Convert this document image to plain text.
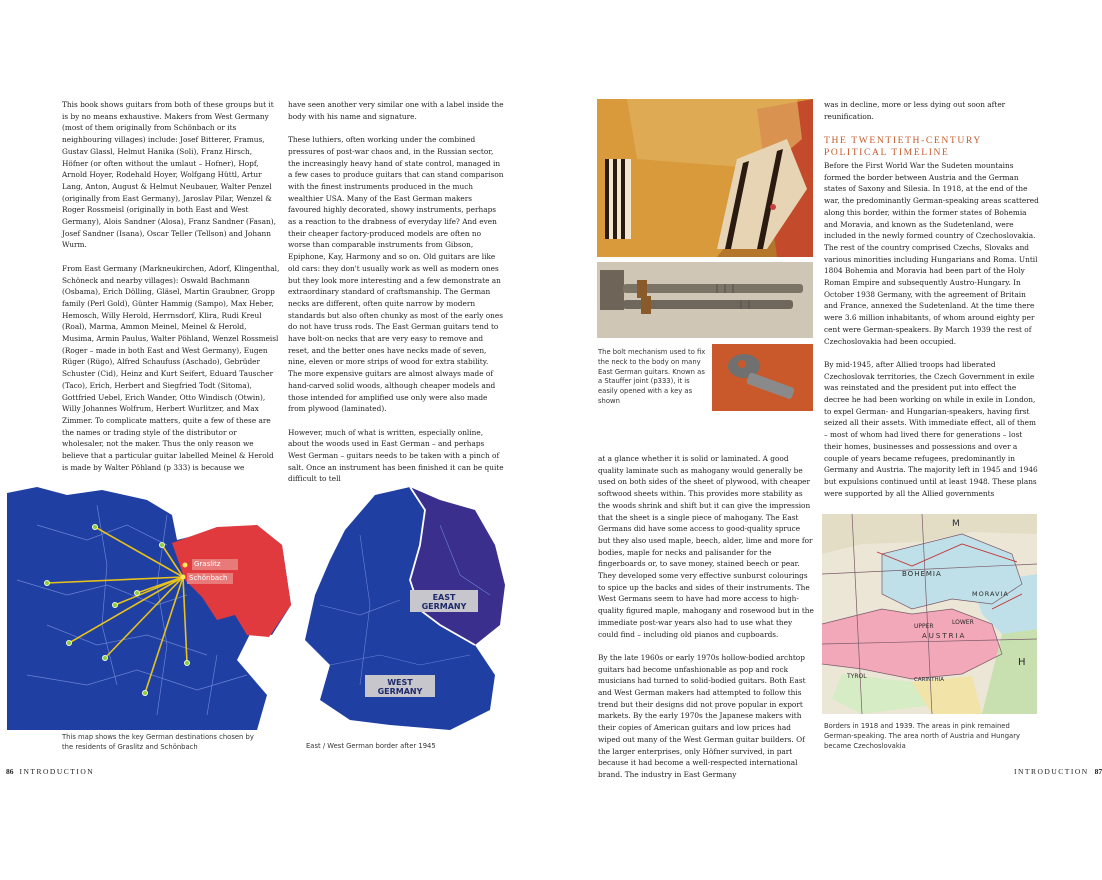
This book shows guitars from both of these groups but it is by no means exhaustive. Makers from West Germany (most of them originally from Schönbach or its neighbouring villages) include: Josef Bitterer, Framus, Gustav Glassl, Helmut Hanika (Soli), Franz Hirsch, Höfner (or often without the umlaut – Hofner), Hopf, Arnold Hoyer, Rodehald Hoyer, Wolfgang Hüttl, Artur Lang, Anton, August & Helmut Neubauer, Walter Penzel (originally from East Germany), Jaroslav Pilar, Wenzel & Roger Rossmeisl (originally in both East and West Germany), Alois Sandner (Alosa), Franz Sandner (Fasan), Josef Sandner (Isana), Oscar Teller (Tellson) and Johann Wurm.

From East Germany (Markneukirchen, Adorf, Klingenthal, Schöneck and nearby villages): Oswald Bachmann (Osbama), Erich Dölling, Gläsel, Martin Graubner, Gropp family (Perl Gold), Günter Hammig (Sampo), Max Heber, Hemosch, Willy Herold, Herrnsdorf, Klira, Rudi Kreul (Roal), Marma, Ammon Meinel, Meinel & Herold, Musima, Armin Paulus, Walter Pöhland, Wenzel Rossmeisl (Roger – made in both East and West Germany), Eugen Rüger (Rügo), Alfred Schaufuss (Aschado), Gebrüder Schuster (Cid), Heinz and Kurt Seifert, Eduard Tauscher (Taco), Erich, Herbert and Siegfried Todt (Sitoma), Gottfried Uebel, Erich Wander, Otto Windisch (Otwin), Willy Johannes Wolfrum, Herbert Wurlitzer, and Max Zimmer. To complicate matters, quite a few of these are the names or trading style of the distributor or wholesaler, not the maker. Thus the only reason we believe that a particular guitar labelled Meinel & Herold is made by Walter Pöhland (p 333) is because we

have seen another very similar one with a label inside the body with his name and signature.

These luthiers, often working under the combined pressures of post-war chaos and, in the Russian sector, the increasingly heavy hand of state control, managed in a few cases to produce guitars that can stand comparison with the finest instruments produced in the much wealthier USA. Many of the East German makers favoured highly decorated, showy instruments, perhaps as a reaction to the drabness of everyday life? And even their cheaper factory-produced models are often no worse than comparable instruments from Gibson, Epiphone, Kay, Harmony and so on. Old guitars are like old cars: they don't usually work as well as modern ones but they look more interesting and a few demonstrate an extraordinary standard of craftsmanship. The German necks are different, often quite narrow by modern standards but also often chunky as most of the early ones do not have truss rods. The East German guitars tend to have bolt-on necks that are very easy to remove and reset, and the better ones have necks made of seven, nine, eleven or more strips of wood for extra stability. The more expensive guitars are almost always made of hand-carved solid woods, although cheaper models and those intended for amplified use only were also made from plywood (laminated).

However, much of what is written, especially online, about the woods used in East German – and perhaps West German – guitars needs to be taken with a pinch of salt. Once an instrument has been finished it can be quite difficult to tell

Graslitz
Schönbach
This map shows the key German destinations chosen by the residents of Graslitz and Schönbach
EAST GERMANY
WEST GERMANY
East / West German border after 1945
86 INTRODUCTION
The bolt mechanism used to fix the neck to the body on many East German guitars. Known as a Stauffer joint (p333), it is easily opened with a key as shown

at a glance whether it is solid or laminated. A good quality laminate such as mahogany would generally be used on both sides of the sheet of plywood, with cheaper softwood sheets within. This provides more stability as the woods shrink and shift but it can give the impression that the sheet is a single piece of mahogany. The East Germans did have some access to good-quality spruce but they also used maple, beech, alder, lime and more for bodies, maple for necks and palisander for the fingerboards or, to save money, stained beech or pear. They developed some very effective sunburst colourings to spice up the backs and sides of their instruments. The West Germans seem to have had more access to high-quality figured maple, mahogany and rosewood but in the immediate post-war years also had to use what they could find – including old pianos and cupboards.

By the late 1960s or early 1970s hollow-bodied archtop guitars had become unfashionable as pop and rock musicians had turned to solid-bodied guitars. Both East and West German makers had attempted to follow this trend but their designs did not prove popular in export markets. By the early 1970s the Japanese makers with their copies of American guitars and low prices had wiped out many of the West German guitar builders. Of the larger enterprises, only Höfner survived, in part because it had become a well-respected international brand. The industry in East Germany

was in decline, more or less dying out soon after reunification.
THE TWENTIETH-CENTURY POLITICAL TIMELINE

Before the First World War the Sudeten mountains formed the border between Austria and the German states of Saxony and Silesia. In 1918, at the end of the war, the predominantly German-speaking areas scattered along this border, within the former states of Bohemia and Moravia, and known as the Sudetenland, were included in the newly formed country of Czechoslovakia. The rest of the country comprised Czechs, Slovaks and various minorities including Hungarians and Roma. Until 1804 Bohemia and Moravia had been part of the Holy Roman Empire and subsequently Austro-Hungary. In October 1938 Germany, with the agreement of Britain and France, annexed the Sudetenland. At the time there were 3.6 million inhabitants, of whom around eighty per cent were German-speakers. By March 1939 the rest of Czechoslovakia had been occupied.

By mid-1945, after Allied troops had liberated Czechoslovak territories, the Czech Government in exile was reinstated and the president put into effect the decree he had been working on while in exile in London, to expel German- and Hungarian-speakers, having first seized all their assets. With immediate effect, all of them – most of whom had lived there for generations – lost their homes, businesses and possessions and over a couple of years became refugees, predominantly in Germany and Austria. The majority left in 1945 and 1946 but expulsions continued until at least 1948. These plans were supported by all the Allied governments

BOHEMIA
MORAVIA
LOWER
UPPER
AUSTRIA
CARINTHIA
TYROL
M
H
Borders in 1918 and 1939. The areas in pink remained German-speaking. The area north of Austria and Hungary became Czechoslovakia
INTRODUCTION 87
